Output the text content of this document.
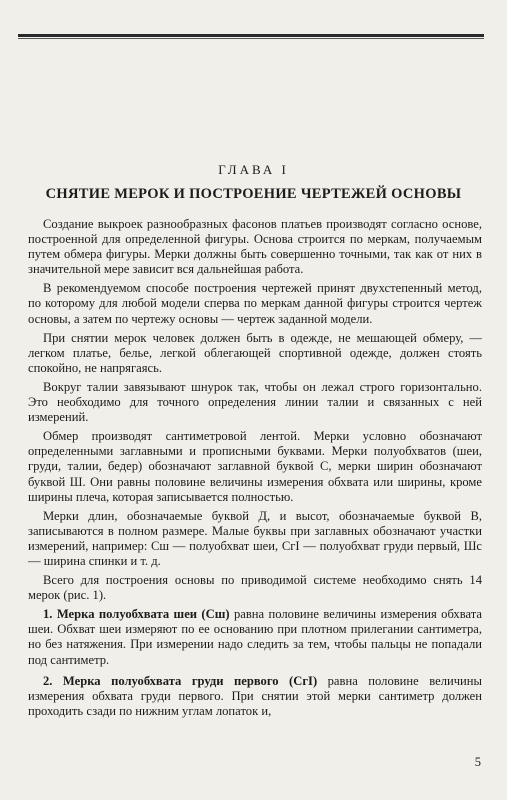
ГЛАВА I
СНЯТИЕ МЕРОК И ПОСТРОЕНИЕ ЧЕРТЕЖЕЙ ОСНОВЫ

Создание выкроек разнообразных фасонов платьев производят согласно основе, построенной для определенной фигуры. Основа строится по меркам, получаемым путем обмера фигуры. Мерки должны быть совершенно точными, так как от них в значительной мере зависит вся дальнейшая работа.

В рекомендуемом способе построения чертежей принят двухстепенный метод, по которому для любой модели сперва по меркам данной фигуры строится чертеж основы, а затем по чертежу основы — чертеж заданной модели.

При снятии мерок человек должен быть в одежде, не мешающей обмеру, — легком платье, белье, легкой облегающей спортивной одежде, должен стоять спокойно, не напрягаясь.

Вокруг талии завязывают шнурок так, чтобы он лежал строго горизонтально. Это необходимо для точного определения линии талии и связанных с ней измерений.

Обмер производят сантиметровой лентой. Мерки условно обозначают определенными заглавными и прописными буквами. Мерки полуобхватов (шеи, груди, талии, бедер) обозначают заглавной буквой С, мерки ширин обозначают буквой Ш. Они равны половине величины измерения обхвата или ширины, кроме ширины плеча, которая записывается полностью.

Мерки длин, обозначаемые буквой Д, и высот, обозначаемые буквой В, записываются в полном размере. Малые буквы при заглавных обозначают участки измерений, например: Сш — полуобхват шеи, СгI — полуобхват груди первый, Шс — ширина спинки и т. д.

Всего для построения основы по приводимой системе необходимо снять 14 мерок (рис. 1).

1. Мерка полуобхвата шеи (Сш) равна половине величины измерения обхвата шеи. Обхват шеи измеряют по ее основанию при плотном прилегании сантиметра, но без натяжения. При измерении надо следить за тем, чтобы пальцы не попадали под сантиметр.

2. Мерка полуобхвата груди первого (СгI) равна половине величины измерения обхвата груди первого. При снятии этой мерки сантиметр должен проходить сзади по нижним углам лопаток и,

5
